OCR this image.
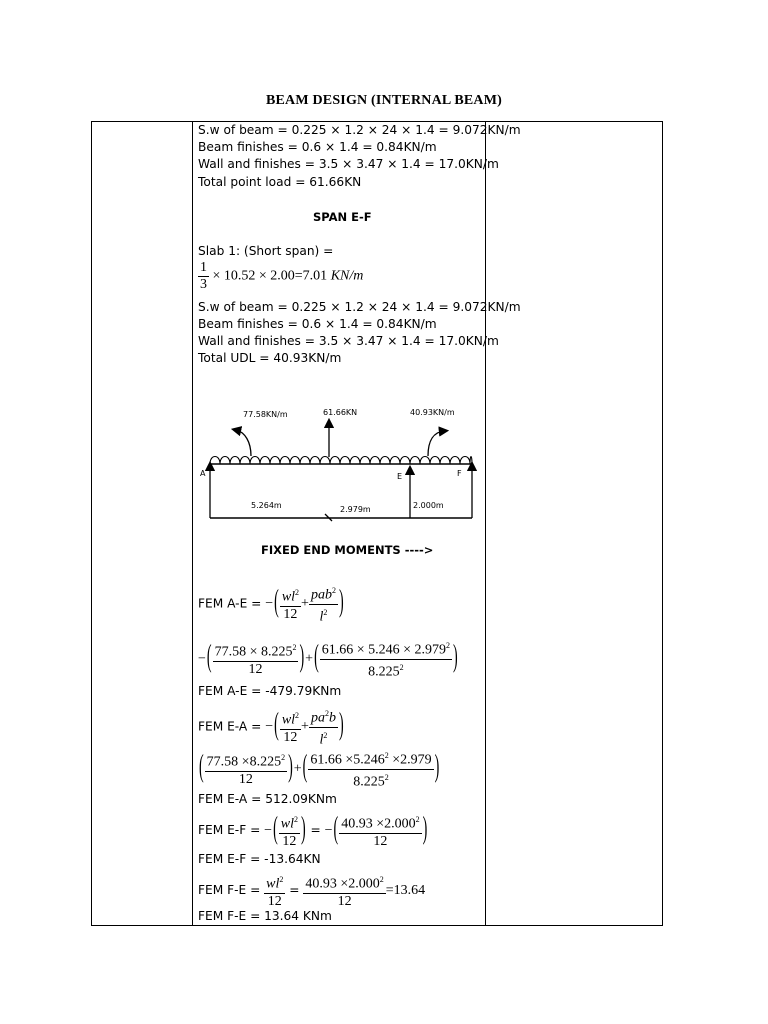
BEAM DESIGN (INTERNAL BEAM)
S.w of beam = 0.225 × 1.2 × 24 × 1.4 = 9.072KN/m
Beam finishes = 0.6 × 1.4 = 0.84KN/m
Wall and finishes = 3.5 × 3.47 × 1.4 = 17.0KN/m
Total point load = 61.66KN
SPAN E-F
Slab 1: (Short span) =
$\frac{1}{3} \times 10.52 \times 2.00=7.01$ KN/m
S.w of beam = 0.225 × 1.2 × 24 × 1.4 = 9.072KN/m
Beam finishes = 0.6 × 1.4 = 0.84KN/m
Wall and finishes = 3.5 × 3.47 × 1.4 = 17.0KN/m
Total UDL = 40.93KN/m
77.58KN/m	61.66KN	40.93KN/m
A	E	F
5.264m	2.979m	2.000m
FIXED END MOMENTS ---->
FEM A-E = −( $\frac{wl^2}{12} + \frac{pab^2}{l^2}$ )
−( $\frac{77.58 \times 8.225^2}{12}$ )+( $\frac{61.66 \times 5.246 \times 2.979^2}{8.225^2}$ )
FEM A-E = -479.79KNm
FEM E-A = −( $\frac{wl^2}{12} + \frac{pa^2b}{l^2}$ )
( $\frac{77.58 \times 8.225^2}{12}$ )+( $\frac{61.66 \times 5.246^2 \times 2.979}{8.225^2}$ )
FEM E-A = 512.09KNm
FEM E-F = −( $\frac{wl^2}{12}$ ) = −( $\frac{40.93 \times 2.000^2}{12}$ )
FEM E-F = -13.64KN
FEM $F-E = \frac{wl^2}{12} = \frac{40.93 \times 2.000^2}{12} =13.64$
FEM F-E = 13.64 KNm
